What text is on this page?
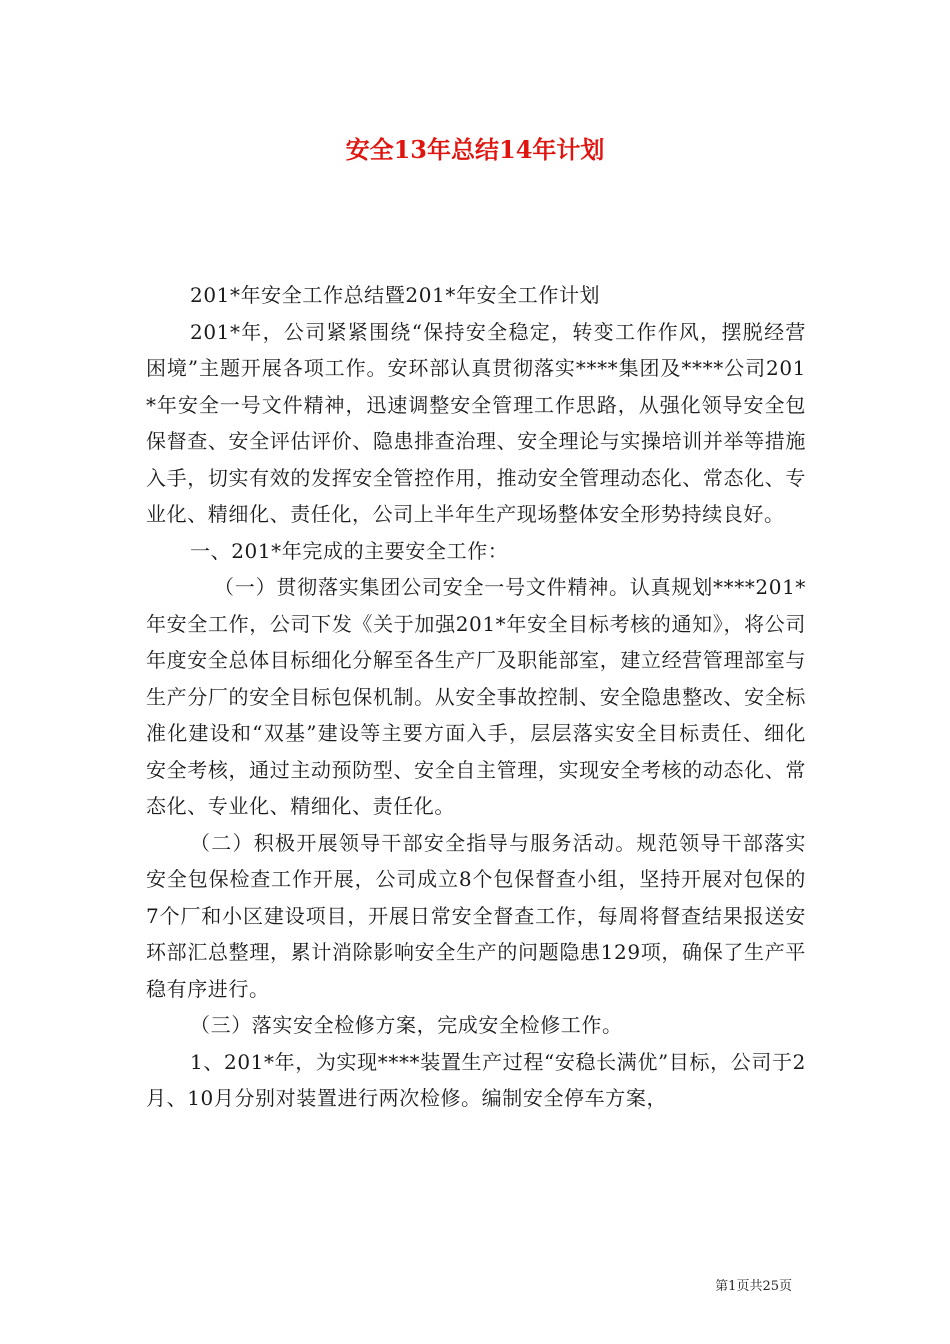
安全13年总结14年计划

201*年安全工作总结暨201*年安全工作计划

201*年，公司紧紧围绕“保持安全稳定，转变工作作风，摆脱经营困境”主题开展各项工作。安环部认真贯彻落实****集团及****公司201*年安全一号文件精神，迅速调整安全管理工作思路，从强化领导安全包保督查、安全评估评价、隐患排查治理、安全理论与实操培训并举等措施入手，切实有效的发挥安全管控作用，推动安全管理动态化、常态化、专业化、精细化、责任化，公司上半年生产现场整体安全形势持续良好。

一、201*年完成的主要安全工作：

（一）贯彻落实集团公司安全一号文件精神。认真规划****201*年安全工作，公司下发《关于加强201*年安全目标考核的通知》，将公司年度安全总体目标细化分解至各生产厂及职能部室，建立经营管理部室与生产分厂的安全目标包保机制。从安全事故控制、安全隐患整改、安全标准化建设和“双基”建设等主要方面入手，层层落实安全目标责任、细化安全考核，通过主动预防型、安全自主管理，实现安全考核的动态化、常态化、专业化、精细化、责任化。

（二）积极开展领导干部安全指导与服务活动。规范领导干部落实安全包保检查工作开展，公司成立8个包保督查小组，坚持开展对包保的7个厂和小区建设项目，开展日常安全督查工作，每周将督查结果报送安环部汇总整理，累计消除影响安全生产的问题隐患129项，确保了生产平稳有序进行。

（三）落实安全检修方案，完成安全检修工作。

1、201*年，为实现****装置生产过程“安稳长满优”目标，公司于2月、10月分别对装置进行两次检修。编制安全停车方案，

第1页共25页
